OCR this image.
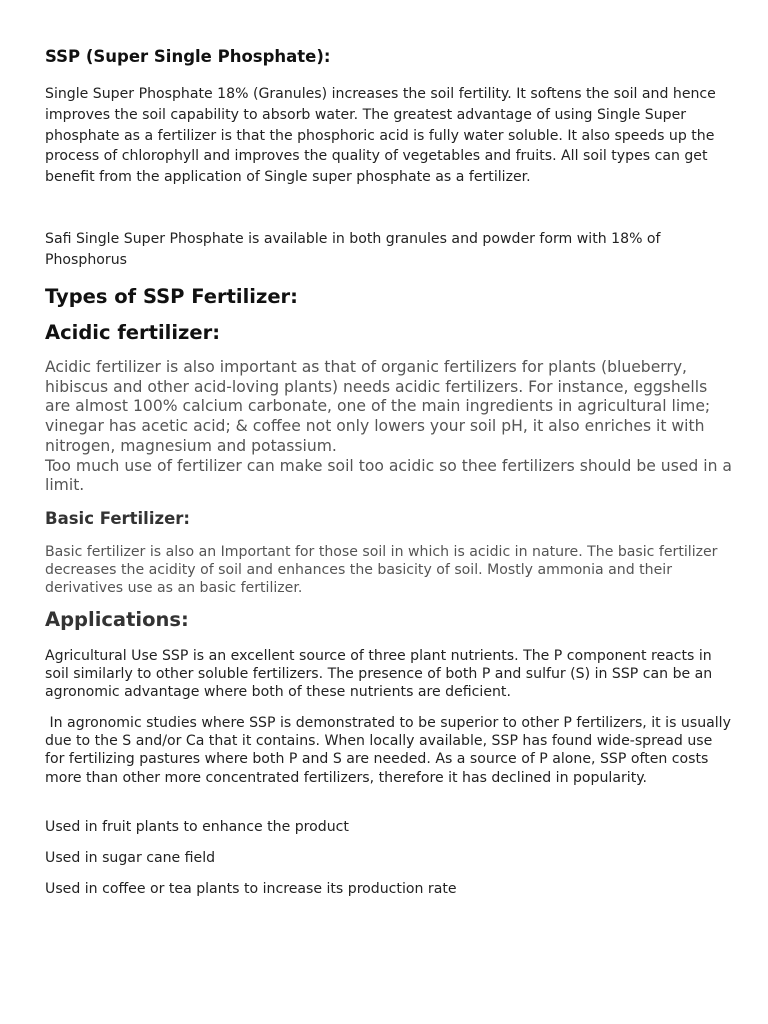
SSP (Super Single Phosphate):

Single Super Phosphate 18% (Granules) increases the soil fertility. It softens the soil and hence improves the soil capability to absorb water. The greatest advantage of using Single Super phosphate as a fertilizer is that the phosphoric acid is fully water soluble. It also speeds up the process of chlorophyll and improves the quality of vegetables and fruits. All soil types can get benefit from the application of Single super phosphate as a fertilizer.

Safi Single Super Phosphate is available in both granules and powder form with 18% of Phosphorus

Types of SSP Fertilizer:
Acidic fertilizer:
Acidic fertilizer is also important as that of organic fertilizers for plants (blueberry, hibiscus and other acid-loving plants) needs acidic fertilizers. For instance, eggshells are almost 100% calcium carbonate, one of the main ingredients in agricultural lime; vinegar has acetic acid; & coffee not only lowers your soil pH, it also enriches it with nitrogen, magnesium and potassium.
Too much use of fertilizer can make soil too acidic so thee fertilizers should be used in a limit.
Basic Fertilizer:

Basic fertilizer is also an Important for those soil in which is acidic in nature. The basic fertilizer decreases the acidity of soil and enhances the basicity of soil. Mostly ammonia and their derivatives use as an basic fertilizer.

Applications:

Agricultural Use SSP is an excellent source of three plant nutrients. The P component reacts in soil similarly to other soluble fertilizers. The presence of both P and sulfur (S) in SSP can be an agronomic advantage where both of these nutrients are deficient.

In agronomic studies where SSP is demonstrated to be superior to other P fertilizers, it is usually due to the S and/or Ca that it contains. When locally available, SSP has found wide-spread use for fertilizing pastures where both P and S are needed. As a source of P alone, SSP often costs more than other more concentrated fertilizers, therefore it has declined in popularity.

Used in fruit plants to enhance the product

Used in sugar cane field

Used in coffee or tea plants to increase its production rate
